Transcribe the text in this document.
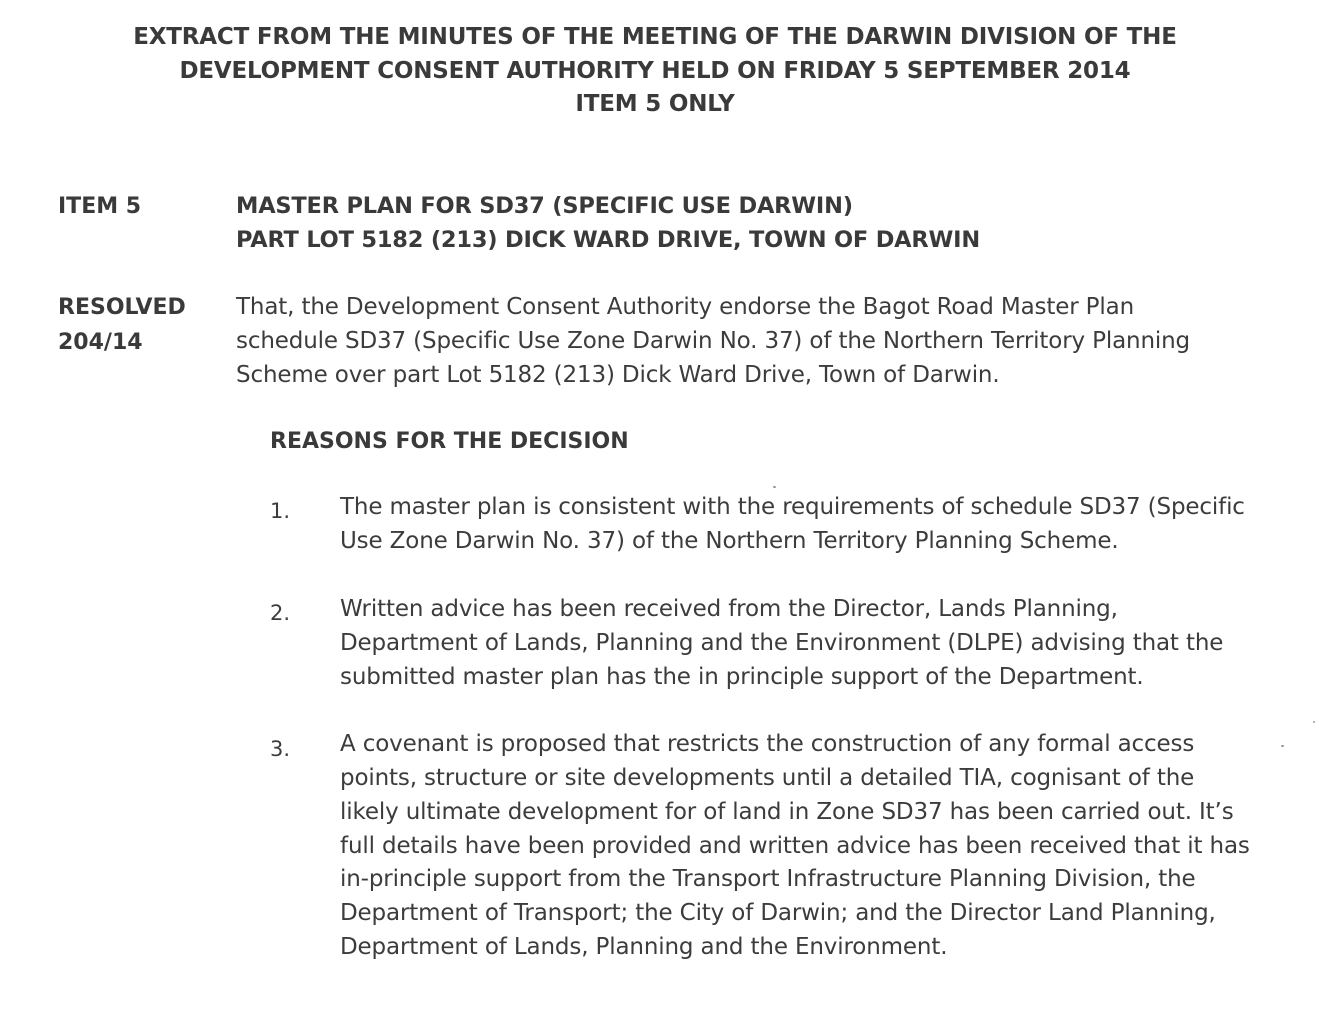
EXTRACT FROM THE MINUTES OF THE MEETING OF THE DARWIN DIVISION OF THE
DEVELOPMENT CONSENT AUTHORITY HELD ON FRIDAY 5 SEPTEMBER 2014
ITEM 5 ONLY
ITEM 5	MASTER PLAN FOR SD37 (SPECIFIC USE DARWIN)
PART LOT 5182 (213) DICK WARD DRIVE, TOWN OF DARWIN
RESOLVED
204/14
That, the Development Consent Authority endorse the Bagot Road Master Plan
schedule SD37 (Specific Use Zone Darwin No. 37) of the Northern Territory Planning
Scheme over part Lot 5182 (213) Dick Ward Drive, Town of Darwin.
REASONS FOR THE DECISION
1. The master plan is consistent with the requirements of schedule SD37 (Specific
Use Zone Darwin No. 37) of the Northern Territory Planning Scheme.
2. Written advice has been received from the Director, Lands Planning,
Department of Lands, Planning and the Environment (DLPE) advising that the
submitted master plan has the in principle support of the Department.
3. A covenant is proposed that restricts the construction of any formal access
points, structure or site developments until a detailed TIA, cognisant of the
likely ultimate development for of land in Zone SD37 has been carried out. It’s
full details have been provided and written advice has been received that it has
in-principle support from the Transport Infrastructure Planning Division, the
Department of Transport; the City of Darwin; and the Director Land Planning,
Department of Lands, Planning and the Environment.
